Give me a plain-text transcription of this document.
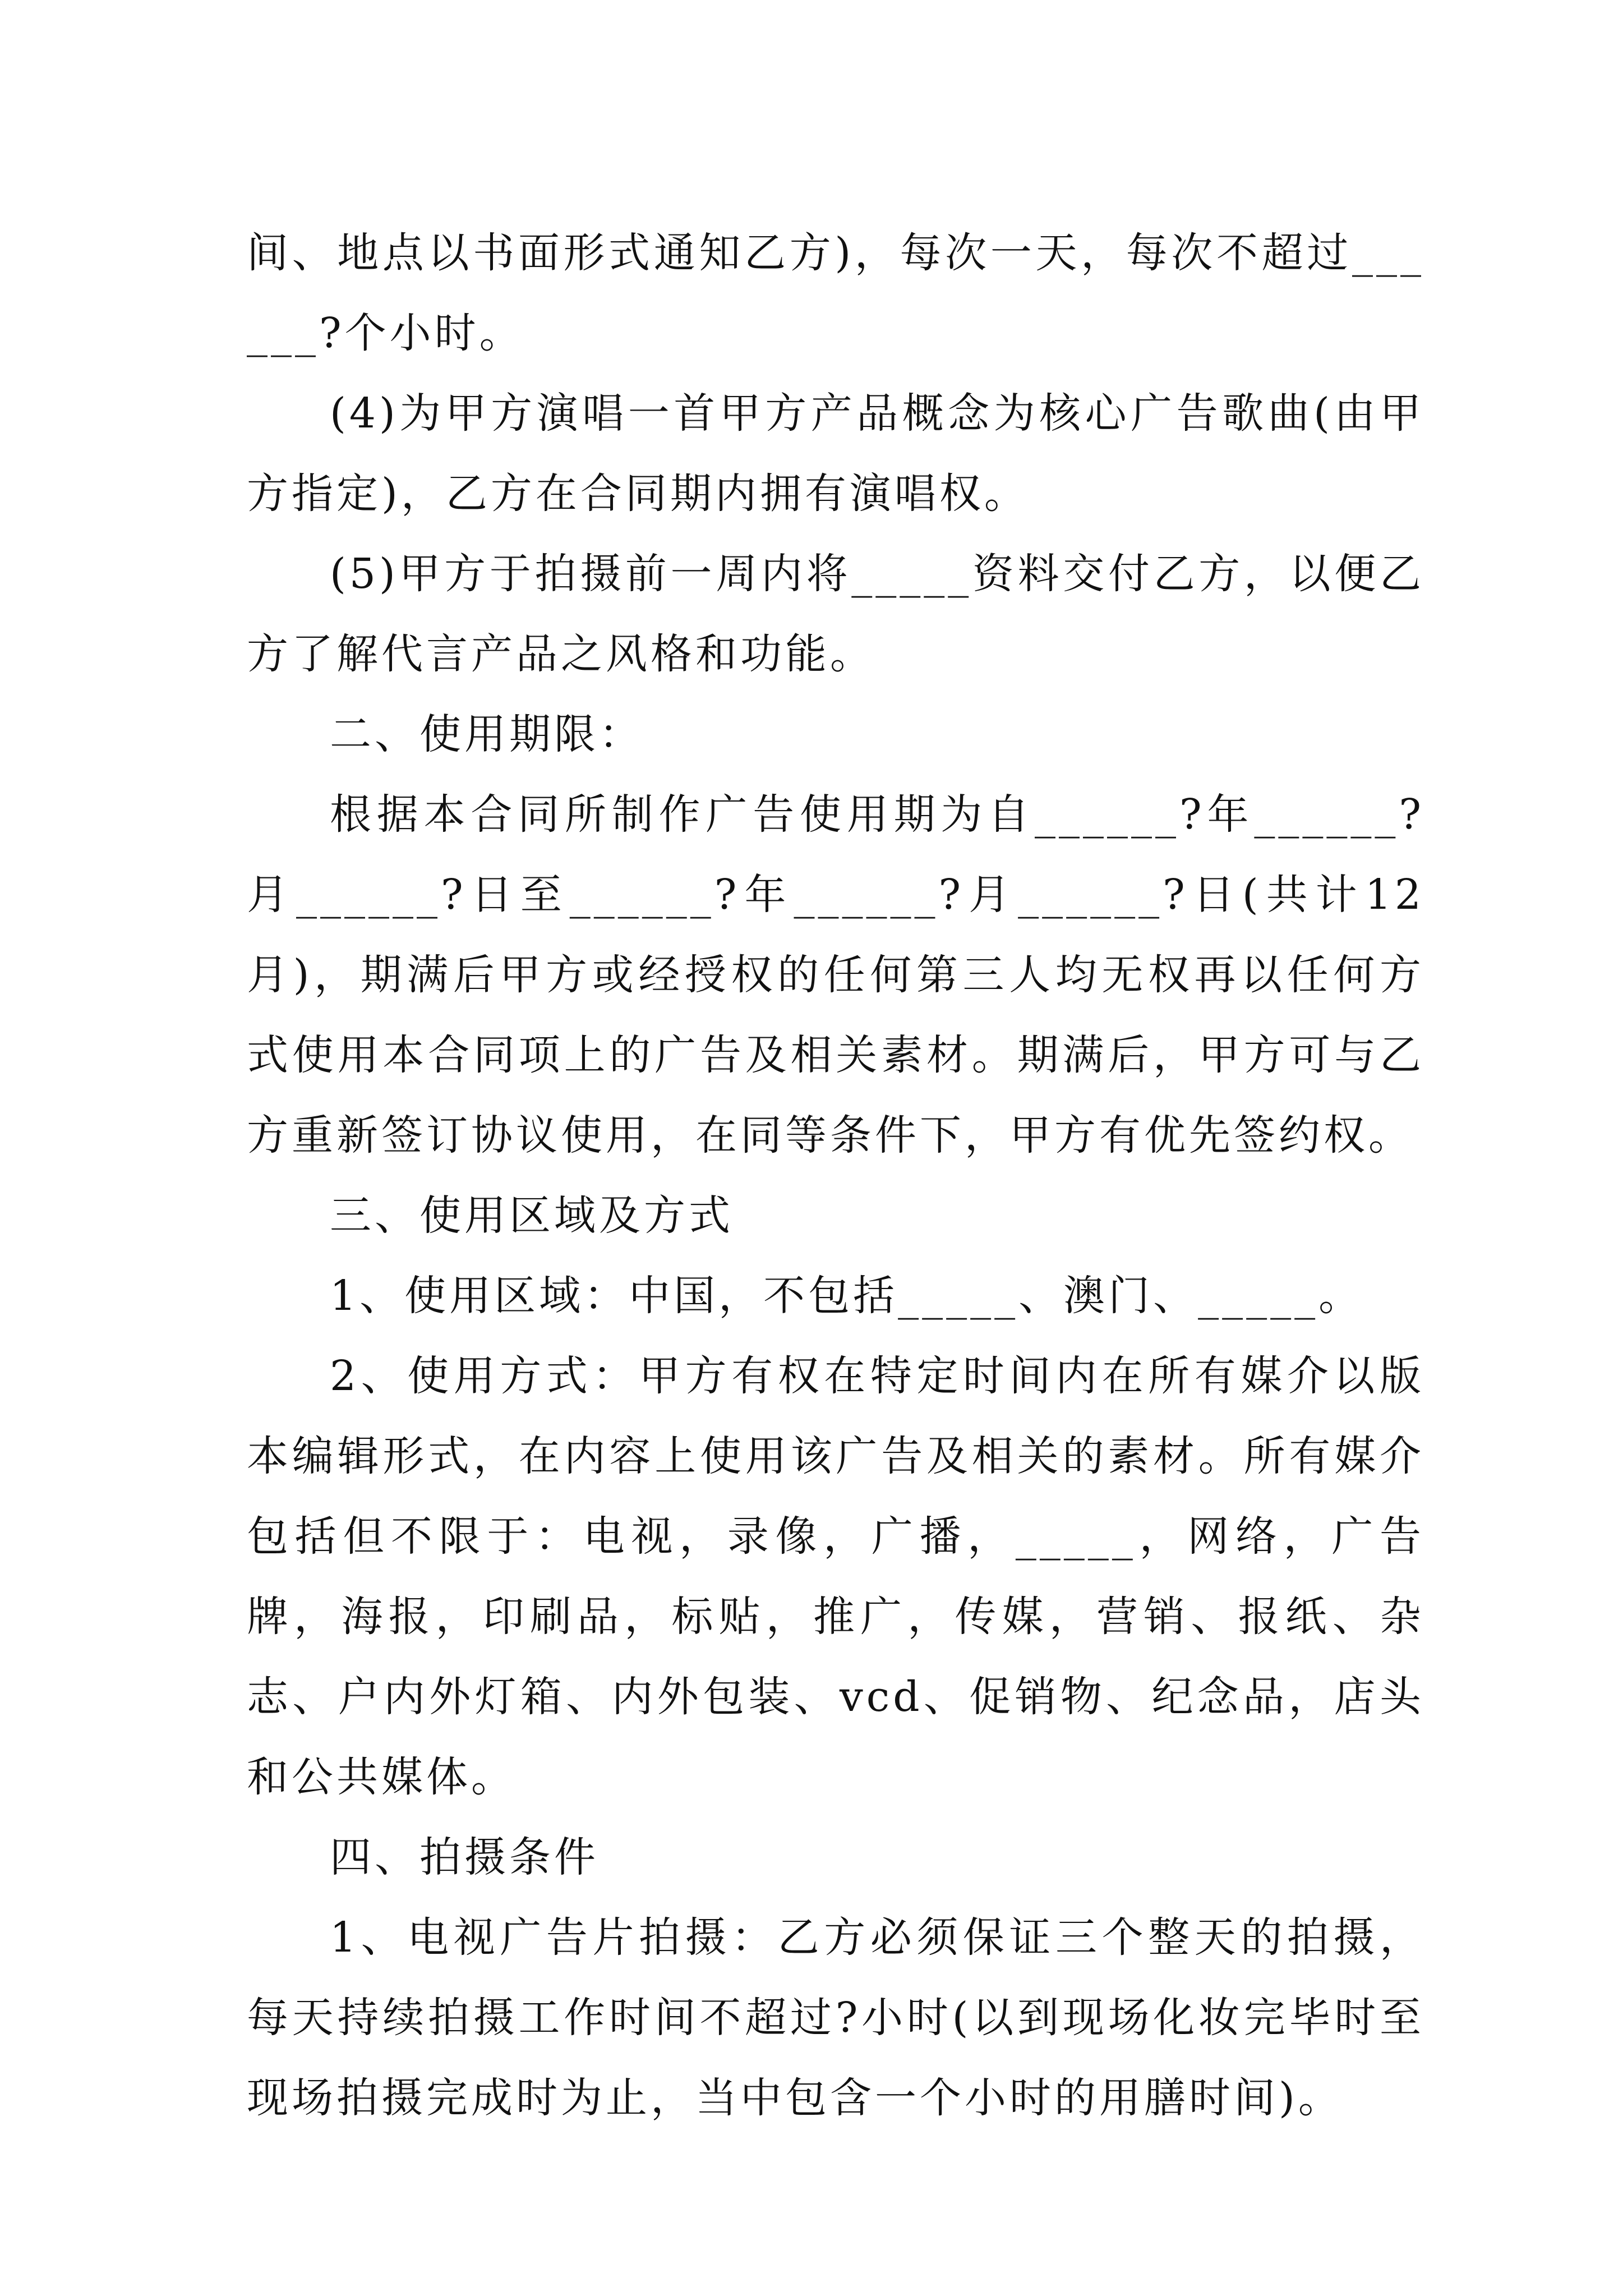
间、地点以书面形式通知乙方)，每次一天，每次不超过______?个小时。

(4)为甲方演唱一首甲方产品概念为核心广告歌曲(由甲方指定)，乙方在合同期内拥有演唱权。

(5)甲方于拍摄前一周内将_____资料交付乙方，以便乙方了解代言产品之风格和功能。

二、使用期限：

根据本合同所制作广告使用期为自______?年______?月______?日至______?年______?月______?日(共计12月)，期满后甲方或经授权的任何第三人均无权再以任何方式使用本合同项上的广告及相关素材。期满后，甲方可与乙方重新签订协议使用，在同等条件下，甲方有优先签约权。

三、使用区域及方式

1、使用区域：中国，不包括_____、澳门、_____。

2、使用方式：甲方有权在特定时间内在所有媒介以版本编辑形式，在内容上使用该广告及相关的素材。所有媒介包括但不限于：电视，录像，广播，_____，网络，广告牌，海报，印刷品，标贴，推广，传媒，营销、报纸、杂志、户内外灯箱、内外包装、vcd、促销物、纪念品，店头和公共媒体。

四、拍摄条件

1、电视广告片拍摄：乙方必须保证三个整天的拍摄，每天持续拍摄工作时间不超过?小时(以到现场化妆完毕时至现场拍摄完成时为止，当中包含一个小时的用膳时间)。
